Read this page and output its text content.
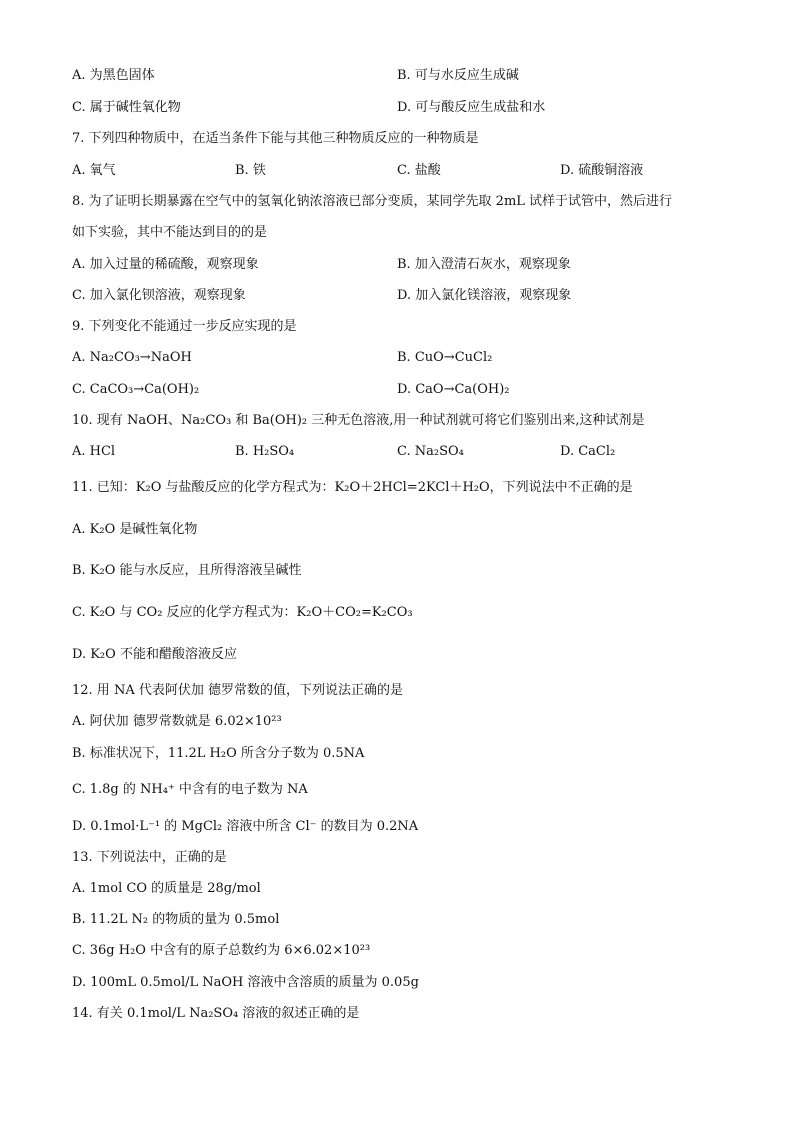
A. 为黑色固体	B. 可与水反应生成碱
C. 属于碱性氧化物	D. 可与酸反应生成盐和水
7. 下列四种物质中，在适当条件下能与其他三种物质反应的一种物质是
A. 氧气	B. 铁	C. 盐酸	D. 硫酸铜溶液
8. 为了证明长期暴露在空气中的氢氧化钠浓溶液已部分变质，某同学先取 2mL 试样于试管中，然后进行
如下实验，其中不能达到目的的是
A. 加入过量的稀硫酸，观察现象	B. 加入澄清石灰水，观察现象
C. 加入氯化钡溶液，观察现象	D. 加入氯化镁溶液，观察现象
9. 下列变化不能通过一步反应实现的是
A. Na₂CO₃→NaOH	B. CuO→CuCl₂
C. CaCO₃→Ca(OH)₂	D. CaO→Ca(OH)₂
10. 现有 NaOH、Na₂CO₃ 和 Ba(OH)₂ 三种无色溶液,用一种试剂就可将它们鉴别出来,这种试剂是
A. HCl	B. H₂SO₄	C. Na₂SO₄	D. CaCl₂
11. 已知：K₂O 与盐酸反应的化学方程式为：K₂O＋2HCl=2KCl＋H₂O，下列说法中不正确的是
A. K₂O 是碱性氧化物
B. K₂O 能与水反应，且所得溶液呈碱性
C. K₂O 与 CO₂ 反应的化学方程式为：K₂O＋CO₂=K₂CO₃
D. K₂O 不能和醋酸溶液反应
12. 用 NA 代表阿伏加 德罗常数的值，下列说法正确的是
A. 阿伏加 德罗常数就是 6.02×10²³
B. 标准状况下，11.2L H₂O 所含分子数为 0.5NA
C. 1.8g 的 NH₄⁺ 中含有的电子数为 NA
D. 0.1mol·L⁻¹ 的 MgCl₂ 溶液中所含 Cl⁻ 的数目为 0.2NA
13. 下列说法中，正确的是
A. 1mol CO 的质量是 28g/mol
B. 11.2L N₂ 的物质的量为 0.5mol
C. 36g H₂O 中含有的原子总数约为 6×6.02×10²³
D. 100mL 0.5mol/L NaOH 溶液中含溶质的质量为 0.05g
14. 有关 0.1mol/L Na₂SO₄ 溶液的叙述正确的是
